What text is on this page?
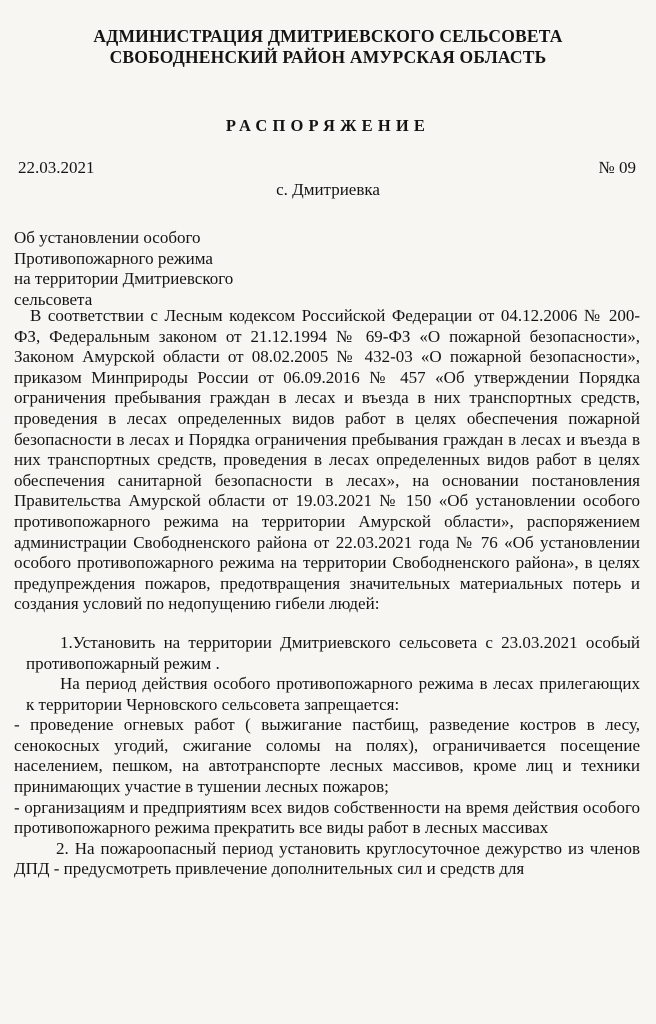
АДМИНИСТРАЦИЯ ДМИТРИЕВСКОГО СЕЛЬСОВЕТА
СВОБОДНЕНСКИЙ РАЙОН АМУРСКАЯ ОБЛАСТЬ
РАСПОРЯЖЕНИЕ
22.03.2021	№ 09
с. Дмитриевка
Об установлении особого
Противопожарного режима
на территории Дмитриевского
сельсовета

В соответствии с Лесным кодексом Российской Федерации от 04.12.2006 № 200-ФЗ, Федеральным законом от 21.12.1994 № 69-ФЗ «О пожарной безопасности», Законом Амурской области от 08.02.2005 № 432-03 «О пожарной безопасности», приказом Минприроды России от 06.09.2016 № 457 «Об утверждении Порядка ограничения пребывания граждан в лесах и въезда в них транспортных средств, проведения в лесах определенных видов работ в целях обеспечения пожарной безопасности в лесах и Порядка ограничения пребывания граждан в лесах и въезда в них транспортных средств, проведения в лесах определенных видов работ в целях обеспечения санитарной безопасности в лесах», на основании постановления Правительства Амурской области от 19.03.2021 № 150 «Об установлении особого противопожарного режима на территории Амурской области», распоряжением администрации Свободненского района от 22.03.2021 года № 76 «Об установлении особого противопожарного режима на территории Свободненского района», в целях предупреждения пожаров, предотвращения значительных материальных потерь и создания условий по недопущению гибели людей:

1.Установить на территории Дмитриевского сельсовета с 23.03.2021 особый противопожарный режим .

На период действия особого противопожарного режима в лесах прилегающих к территории Черновского сельсовета запрещается:

- проведение огневых работ ( выжигание пастбищ, разведение костров в лесу, сенокосных угодий, сжигание соломы на полях), ограничивается посещение населением, пешком, на автотранспорте лесных массивов, кроме лиц и техники принимающих участие в тушении лесных пожаров;

- организациям и предприятиям всех видов собственности на время действия особого противопожарного режима прекратить все виды работ в лесных массивах

2. На пожароопасный период установить круглосуточное дежурство из членов ДПД - предусмотреть привлечение дополнительных сил и средств для
